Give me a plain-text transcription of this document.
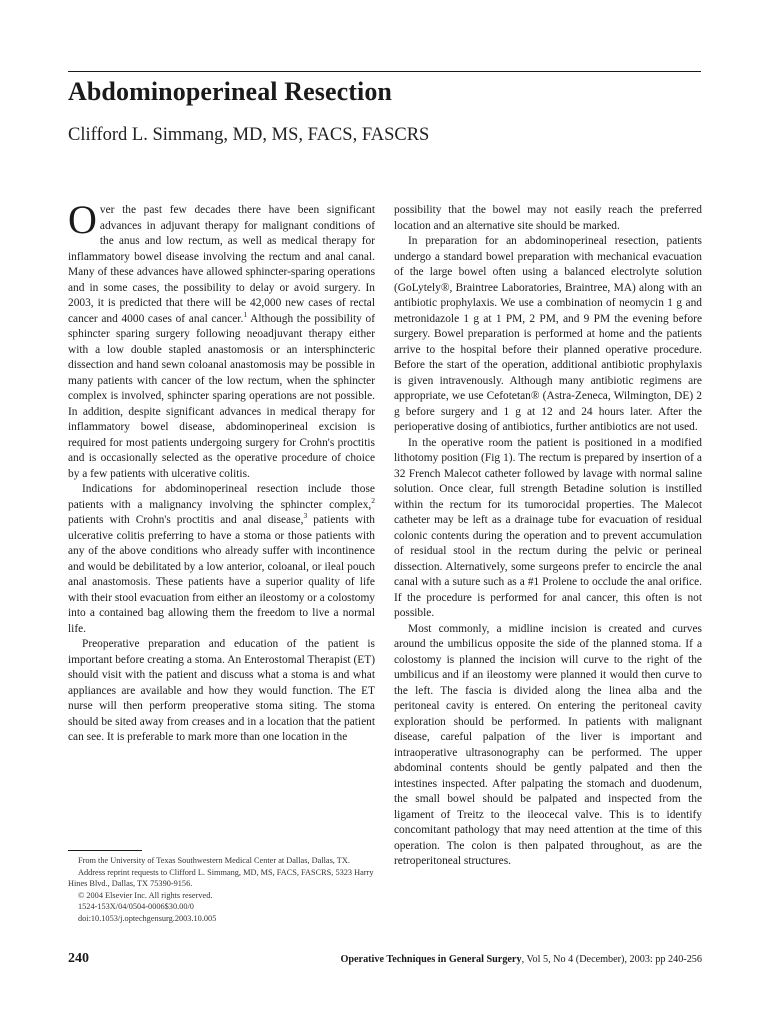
Abdominoperineal Resection

Clifford L. Simmang, MD, MS, FACS, FASCRS

Over the past few decades there have been significant advances in adjuvant therapy for malignant conditions of the anus and low rectum, as well as medical therapy for inflammatory bowel disease involving the rectum and anal canal. Many of these advances have allowed sphincter-sparing operations and in some cases, the possibility to delay or avoid surgery. In 2003, it is predicted that there will be 42,000 new cases of rectal cancer and 4000 cases of anal cancer.$^1$ Although the possibility of sphincter sparing surgery following neoadjuvant therapy either with a low double stapled anastomosis or an intersphincteric dissection and hand sewn coloanal anastomosis may be possible in many patients with cancer of the low rectum, when the sphincter complex is involved, sphincter sparing operations are not possible. In addition, despite significant advances in medical therapy for inflammatory bowel disease, abdominoperineal excision is required for most patients undergoing surgery for Crohn's proctitis and is occasionally selected as the operative procedure of choice by a few patients with ulcerative colitis.

Indications for abdominoperineal resection include those patients with a malignancy involving the sphincter complex,$^2$ patients with Crohn's proctitis and anal disease,$^3$ patients with ulcerative colitis preferring to have a stoma or those patients with any of the above conditions who already suffer with incontinence and would be debilitated by a low anterior, coloanal, or ileal pouch anal anastomosis. These patients have a superior quality of life with their stool evacuation from either an ileostomy or a colostomy into a contained bag allowing them the freedom to live a normal life.

Preoperative preparation and education of the patient is important before creating a stoma. An Enterostomal Therapist (ET) should visit with the patient and discuss what a stoma is and what appliances are available and how they would function. The ET nurse will then perform preoperative stoma siting. The stoma should be sited away from creases and in a location that the patient can see. It is preferable to mark more than one location in the

From the University of Texas Southwestern Medical Center at Dallas, Dallas, TX.

Address reprint requests to Clifford L. Simmang, MD, MS, FACS, FASCRS, 5323 Harry Hines Blvd., Dallas, TX 75390-9156.

© 2004 Elsevier Inc. All rights reserved.

1524-153X/04/0504-0006$30.00/0

doi:10.1053/j.optechgensurg.2003.10.005

possibility that the bowel may not easily reach the preferred location and an alternative site should be marked.

In preparation for an abdominoperineal resection, patients undergo a standard bowel preparation with mechanical evacuation of the large bowel often using a balanced electrolyte solution (GoLytely®, Braintree Laboratories, Braintree, MA) along with an antibiotic prophylaxis. We use a combination of neomycin 1 g and metronidazole 1 g at 1 PM, 2 PM, and 9 PM the evening before surgery. Bowel preparation is performed at home and the patients arrive to the hospital before their planned operative procedure. Before the start of the operation, additional antibiotic prophylaxis is given intravenously. Although many antibiotic regimens are appropriate, we use Cefotetan® (Astra-Zeneca, Wilmington, DE) 2 g before surgery and 1 g at 12 and 24 hours later. After the perioperative dosing of antibiotics, further antibiotics are not used.

In the operative room the patient is positioned in a modified lithotomy position (Fig 1). The rectum is prepared by insertion of a 32 French Malecot catheter followed by lavage with normal saline solution. Once clear, full strength Betadine solution is instilled within the rectum for its tumorocidal properties. The Malecot catheter may be left as a drainage tube for evacuation of residual colonic contents during the operation and to prevent accumulation of residual stool in the rectum during the pelvic or perineal dissection. Alternatively, some surgeons prefer to encircle the anal canal with a suture such as a #1 Prolene to occlude the anal orifice. If the procedure is performed for anal cancer, this often is not possible.

Most commonly, a midline incision is created and curves around the umbilicus opposite the side of the planned stoma. If a colostomy is planned the incision will curve to the right of the umbilicus and if an ileostomy were planned it would then curve to the left. The fascia is divided along the linea alba and the peritoneal cavity is entered. On entering the peritoneal cavity exploration should be performed. In patients with malignant disease, careful palpation of the liver is important and intraoperative ultrasonography can be performed. The upper abdominal contents should be gently palpated and then the intestines inspected. After palpating the stomach and duodenum, the small bowel should be palpated and inspected from the ligament of Treitz to the ileocecal valve. This is to identify concomitant pathology that may need attention at the time of this operation. The colon is then palpated throughout, as are the retroperitoneal structures.

240	Operative Techniques in General Surgery, Vol 5, No 4 (December), 2003: pp 240-256
